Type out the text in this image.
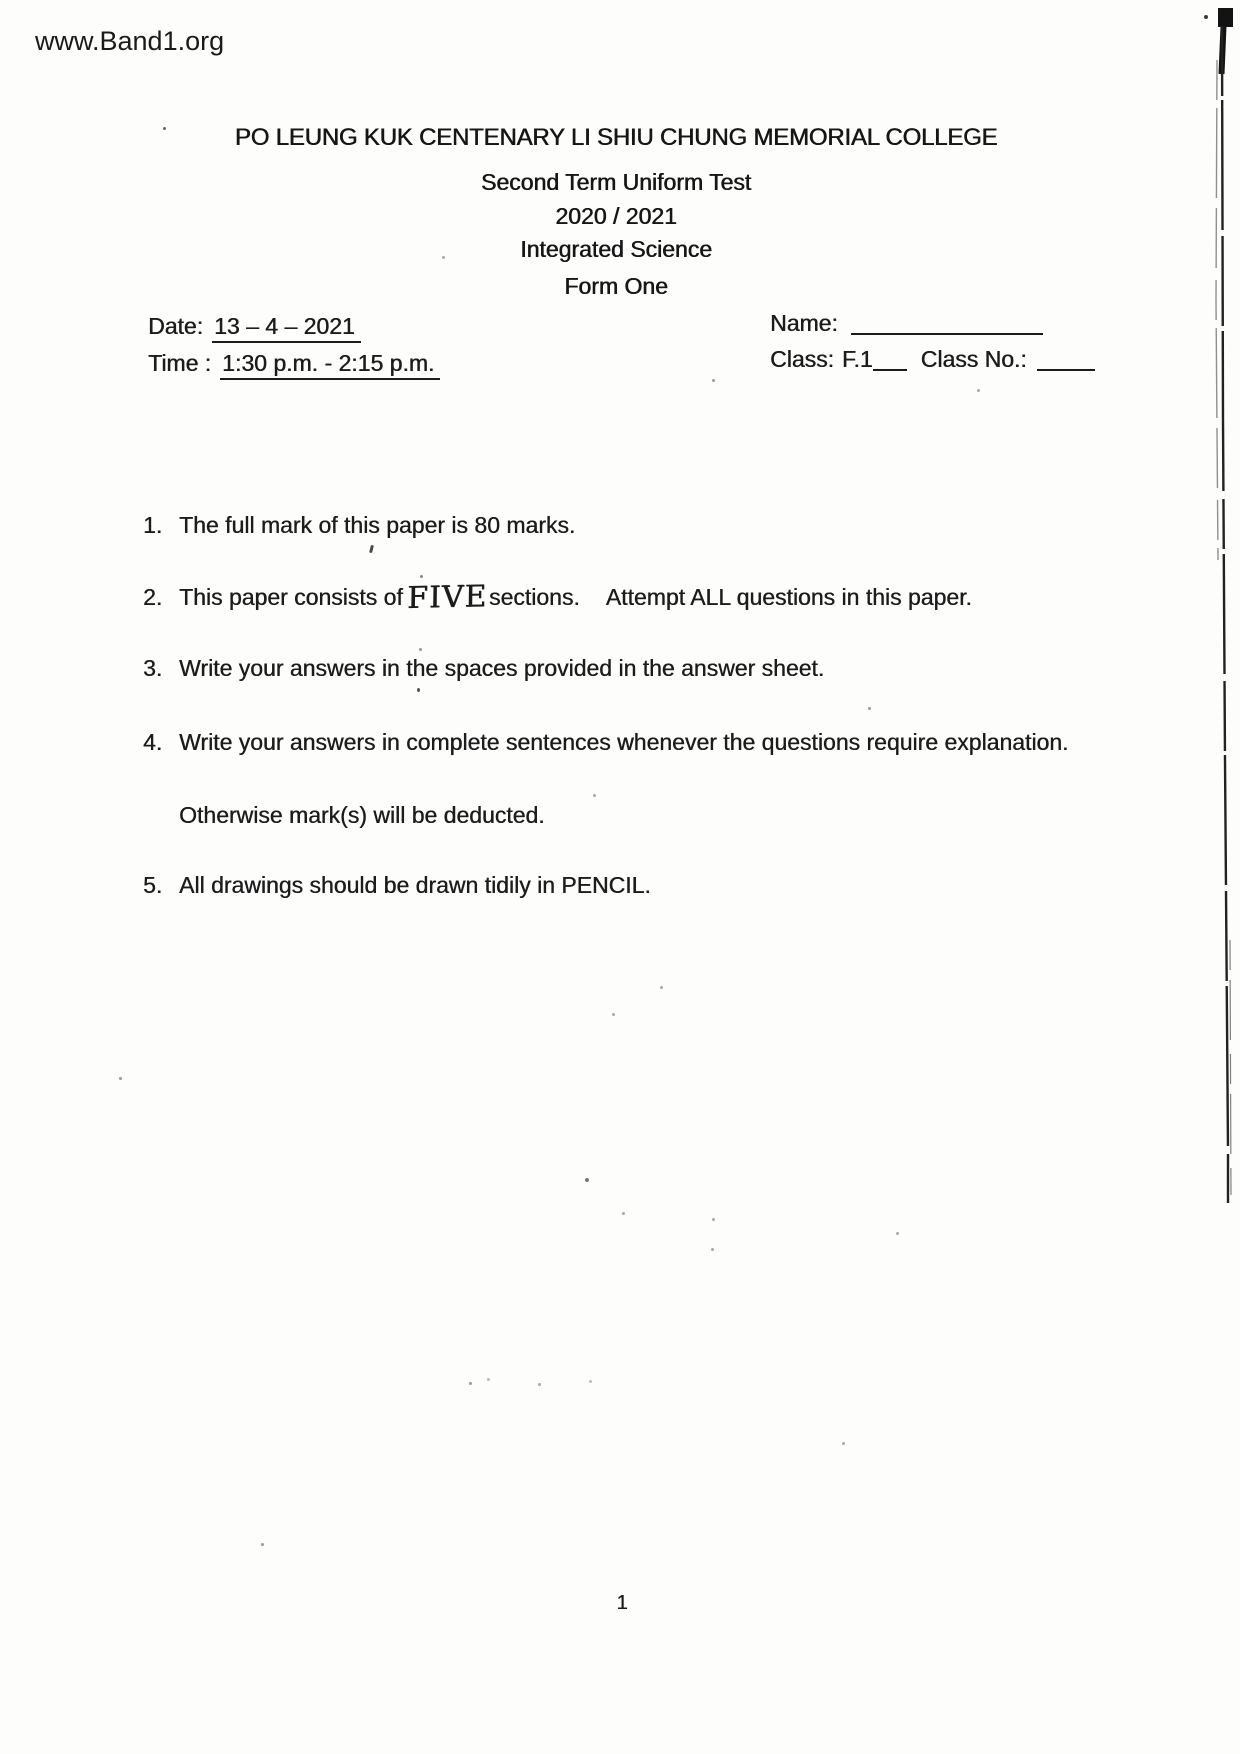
www.Band1.org
PO LEUNG KUK CENTENARY LI SHIU CHUNG MEMORIAL COLLEGE
Second Term Uniform Test
2020 / 2021
Integrated Science
Form One
Date: 13 – 4 – 2021
Time : 1:30 p.m. - 2:15 p.m.
Name:
Class: F.1 Class No.:
1. The full mark of this paper is 80 marks.
2. This paper consists of FIVEsections. Attempt ALL questions in this paper.
3. Write your answers in the spaces provided in the answer sheet.
4. Write your answers in complete sentences whenever the questions require explanation.
Otherwise mark(s) will be deducted.
5. All drawings should be drawn tidily in PENCIL.
1
